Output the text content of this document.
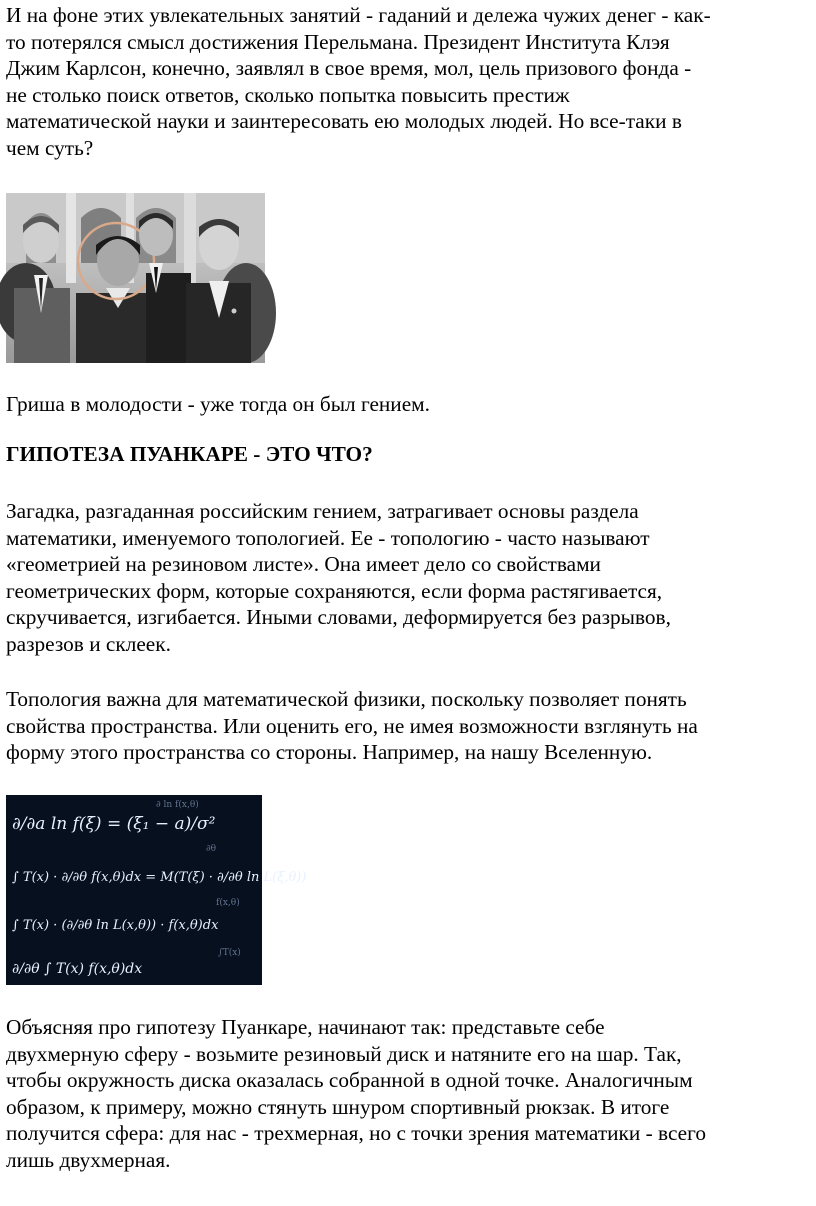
И на фоне этих увлекательных занятий - гаданий и дележа чужих денег - как-
то потерялся смысл достижения Перельмана. Президент Института Клэя
Джим Карлсон, конечно, заявлял в свое время, мол, цель призового фонда -
не столько поиск ответов, сколько попытка повысить престиж
математической науки и заинтересовать ею молодых людей. Но все-таки в
чем суть?
Гриша в молодости - уже тогда он был гением.
ГИПОТЕЗА ПУАНКАРЕ - ЭТО ЧТО?
Загадка, разгаданная российским гением, затрагивает основы раздела
математики, именуемого топологией. Ее - топологию - часто называют
«геометрией на резиновом листе». Она имеет дело со свойствами
геометрических форм, которые сохраняются, если форма растягивается,
скручивается, изгибается. Иными словами, деформируется без разрывов,
разрезов и склеек.
Топология важна для математической физики, поскольку позволяет понять
свойства пространства. Или оценить его, не имея возможности взглянуть на
форму этого пространства со стороны. Например, на нашу Вселенную.
∂/∂a ln f(ξ) = (ξ₁ − a)/σ²
∫ T(x) · ∂/∂θ f(x,θ)dx = M(T(ξ) · ∂/∂θ ln L(ξ,θ))
∫ T(x) · (∂/∂θ ln L(x,θ)) · f(x,θ)dx
∂/∂θ ∫ T(x) f(x,θ)dx
∂ ln f(x,θ)
∂θ
f(x,θ)
∫T(x)
Объясняя про гипотезу Пуанкаре, начинают так: представьте себе
двухмерную сферу - возьмите резиновый диск и натяните его на шар. Так,
чтобы окружность диска оказалась собранной в одной точке. Аналогичным
образом, к примеру, можно стянуть шнуром спортивный рюкзак. В итоге
получится сфера: для нас - трехмерная, но с точки зрения математики - всего
лишь двухмерная.
